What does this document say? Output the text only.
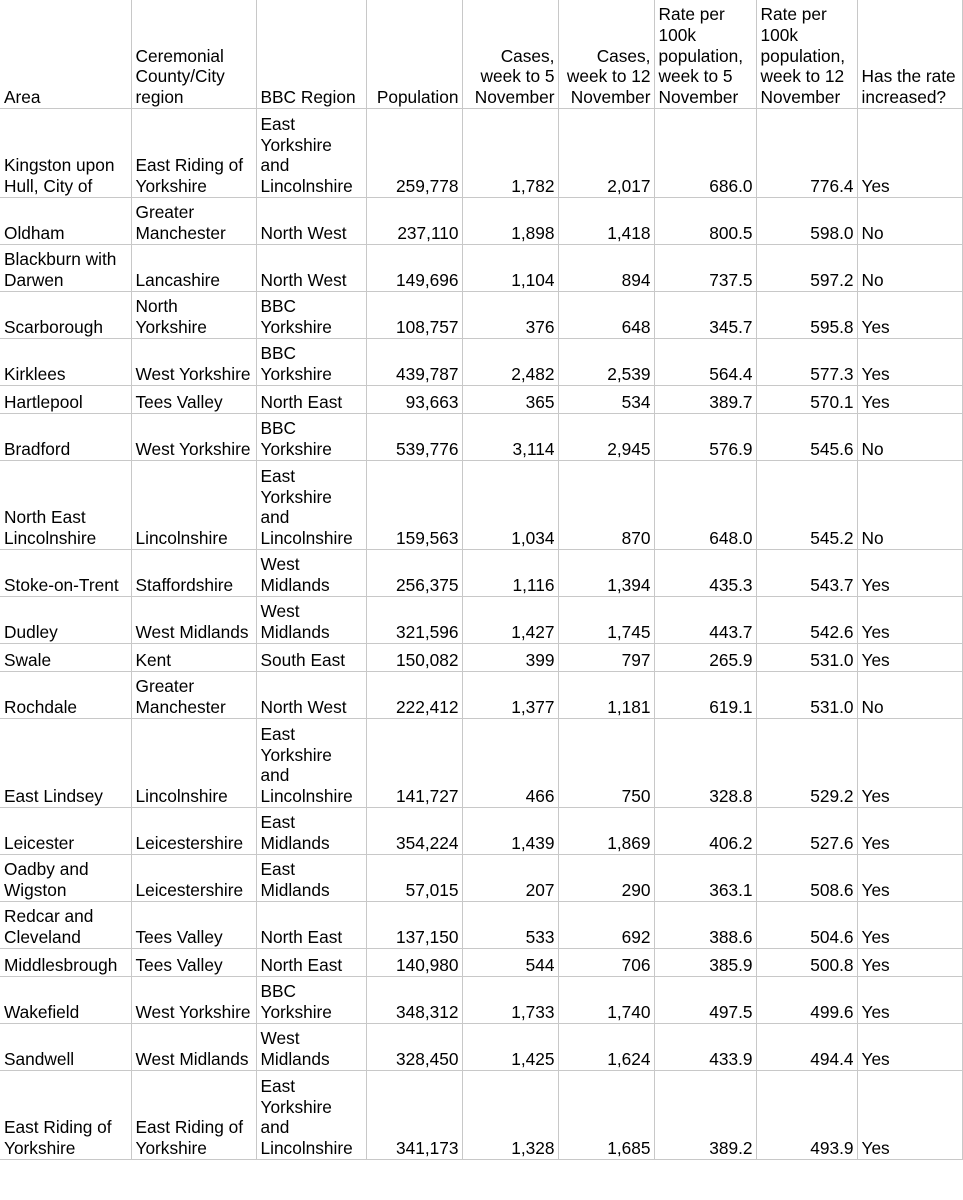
Area	Ceremonial County/City region	BBC Region	Population	Cases, week to 5 November	Cases, week to 12 November	Rate per 100k population, week to 5 November	Rate per 100k population, week to 12 November	Has the rate increased?
Kingston upon Hull, City of	East Riding of Yorkshire	East Yorkshire and Lincolnshire	259,778	1,782	2,017	686.0	776.4	Yes
Oldham	Greater Manchester	North West	237,110	1,898	1,418	800.5	598.0	No
Blackburn with Darwen	Lancashire	North West	149,696	1,104	894	737.5	597.2	No
Scarborough	North Yorkshire	BBC Yorkshire	108,757	376	648	345.7	595.8	Yes
Kirklees	West Yorkshire	BBC Yorkshire	439,787	2,482	2,539	564.4	577.3	Yes
Hartlepool	Tees Valley	North East	93,663	365	534	389.7	570.1	Yes
Bradford	West Yorkshire	BBC Yorkshire	539,776	3,114	2,945	576.9	545.6	No
North East Lincolnshire	Lincolnshire	East Yorkshire and Lincolnshire	159,563	1,034	870	648.0	545.2	No
Stoke-on-Trent	Staffordshire	West Midlands	256,375	1,116	1,394	435.3	543.7	Yes
Dudley	West Midlands	West Midlands	321,596	1,427	1,745	443.7	542.6	Yes
Swale	Kent	South East	150,082	399	797	265.9	531.0	Yes
Rochdale	Greater Manchester	North West	222,412	1,377	1,181	619.1	531.0	No
East Lindsey	Lincolnshire	East Yorkshire and Lincolnshire	141,727	466	750	328.8	529.2	Yes
Leicester	Leicestershire	East Midlands	354,224	1,439	1,869	406.2	527.6	Yes
Oadby and Wigston	Leicestershire	East Midlands	57,015	207	290	363.1	508.6	Yes
Redcar and Cleveland	Tees Valley	North East	137,150	533	692	388.6	504.6	Yes
Middlesbrough	Tees Valley	North East	140,980	544	706	385.9	500.8	Yes
Wakefield	West Yorkshire	BBC Yorkshire	348,312	1,733	1,740	497.5	499.6	Yes
Sandwell	West Midlands	West Midlands	328,450	1,425	1,624	433.9	494.4	Yes
East Riding of Yorkshire	East Riding of Yorkshire	East Yorkshire and Lincolnshire	341,173	1,328	1,685	389.2	493.9	Yes
